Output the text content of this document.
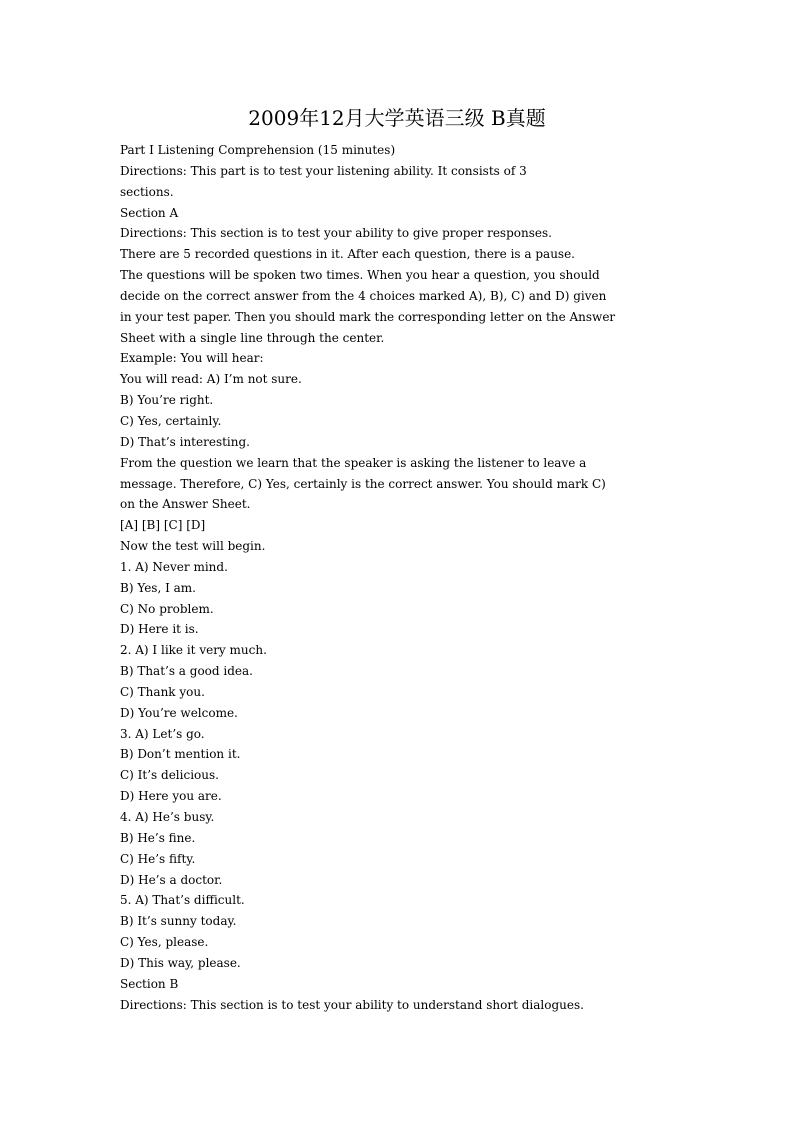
2009年12月大学英语三级 B真题
Part I Listening Comprehension (15 minutes)
Directions: This part is to test your listening ability. It consists of 3
sections.
Section A
Directions: This section is to test your ability to give proper responses.
There are 5 recorded questions in it. After each question, there is a pause.
The questions will be spoken two times. When you hear a question, you should
decide on the correct answer from the 4 choices marked A), B), C) and D) given
in your test paper. Then you should mark the corresponding letter on the Answer
Sheet with a single line through the center.
Example: You will hear:
You will read: A) I’m not sure.
B) You’re right.
C) Yes, certainly.
D) That’s interesting.
From the question we learn that the speaker is asking the listener to leave a
message. Therefore, C) Yes, certainly is the correct answer. You should mark C)
on the Answer Sheet.
[A] [B] [C] [D]
Now the test will begin.
1. A) Never mind.
B) Yes, I am.
C) No problem.
D) Here it is.
2. A) I like it very much.
B) That’s a good idea.
C) Thank you.
D) You’re welcome.
3. A) Let’s go.
B) Don’t mention it.
C) It’s delicious.
D) Here you are.
4. A) He’s busy.
B) He’s fine.
C) He’s fifty.
D) He’s a doctor.
5. A) That’s difficult.
B) It’s sunny today.
C) Yes, please.
D) This way, please.
Section B
Directions: This section is to test your ability to understand short dialogues.
